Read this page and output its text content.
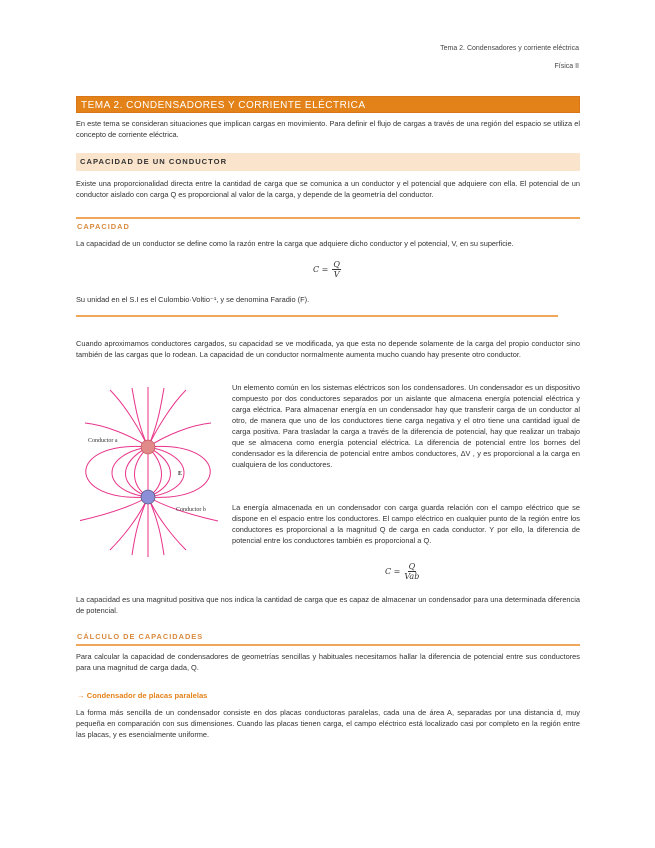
Tema 2. Condensadores y corriente eléctrica
Física II
TEMA 2. CONDENSADORES Y CORRIENTE ELÉCTRICA
En este tema se consideran situaciones que implican cargas en movimiento. Para definir el flujo de cargas a través de una región del espacio se utiliza el concepto de corriente eléctrica.
CAPACIDAD DE UN CONDUCTOR
Existe una proporcionalidad directa entre la cantidad de carga que se comunica a un conductor y el potencial que adquiere con ella. El potencial de un conductor aislado con carga Q es proporcional al valor de la carga, y depende de la geometría del conductor.
CAPACIDAD
La capacidad de un conductor se define como la razón entre la carga que adquiere dicho conductor y el potencial, V, en su superficie.
$C = \frac{Q}{V}$
Su unidad en el S.I es el Culombio·Voltio⁻¹, y se denomina Faradio (F).
Cuando aproximamos conductores cargados, su capacidad se ve modificada, ya que esta no depende solamente de la carga del propio conductor sino también de las cargas que lo rodean. La capacidad de un conductor normalmente aumenta mucho cuando hay presente otro conductor.
Conductor a
Conductor b
E
Un elemento común en los sistemas eléctricos son los condensadores. Un condensador es un dispositivo compuesto por dos conductores separados por un aislante que almacena energía potencial eléctrica y carga eléctrica. Para almacenar energía en un condensador hay que transferir carga de un conductor al otro, de manera que uno de los conductores tiene carga negativa y el otro tiene una cantidad igual de carga positiva. Para trasladar la carga a través de la diferencia de potencial, hay que realizar un trabajo que se almacena como energía potencial eléctrica. La diferencia de potencial entre los bornes del condensador es la diferencia de potencial entre ambos conductores, ΔV , y es proporcional a la carga en cualquiera de los conductores.
La energía almacenada en un condensador con carga guarda relación con el campo eléctrico que se dispone en el espacio entre los conductores. El campo eléctrico en cualquier punto de la región entre los conductores es proporcional a la magnitud Q de carga en cada conductor. Y por ello, la diferencia de potencial entre los conductores también es proporcional a Q.
$C = \frac{Q}{\text{Vab}}$
La capacidad es una magnitud positiva que nos indica la cantidad de carga que es capaz de almacenar un condensador para una determinada diferencia de potencial.
CÁLCULO DE CAPACIDADES
Para calcular la capacidad de condensadores de geometrías sencillas y habituales necesitamos hallar la diferencia de potencial entre sus conductores para una magnitud de carga dada, Q.
→ Condensador de placas paralelas
La forma más sencilla de un condensador consiste en dos placas conductoras paralelas, cada una de área A, separadas por una distancia d, muy pequeña en comparación con sus dimensiones. Cuando las placas tienen carga, el campo eléctrico está localizado casi por completo en la región entre las placas, y es esencialmente uniforme.
